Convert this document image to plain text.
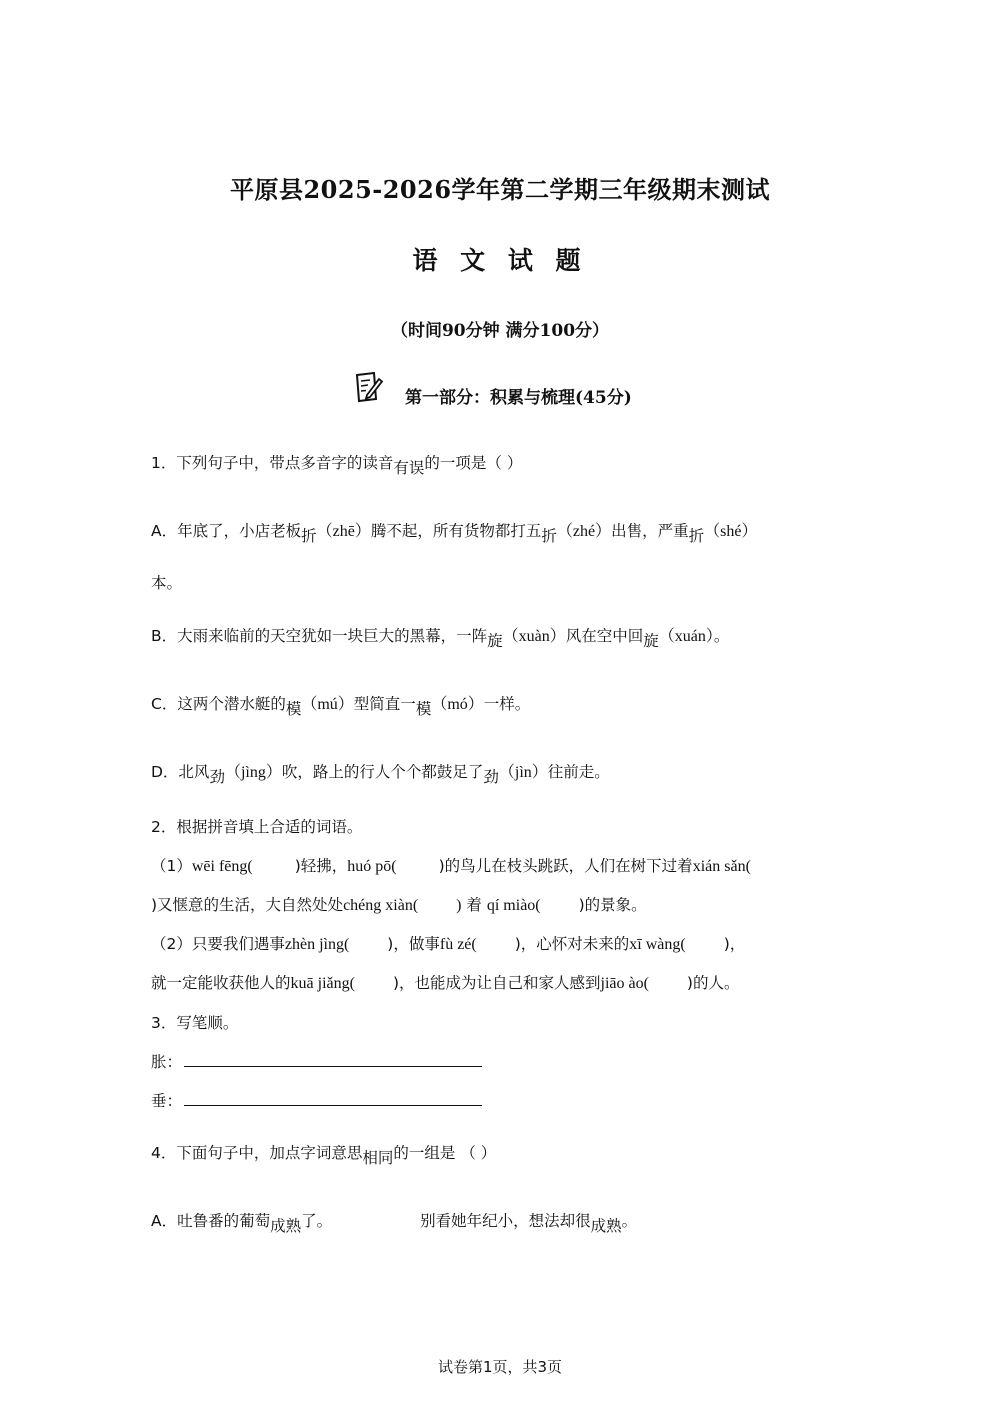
平原县2025-2026学年第二学期三年级期末测试
语 文 试 题
（时间90分钟 满分100分）
第一部分：积累与梳理(45分)
1．下列句子中，带点多音字的读音有误的一项是（ ）
A．年底了，小店老板折（zhē）腾不起，所有货物都打五折（zhé）出售，严重折（shé）
本。
B．大雨来临前的天空犹如一块巨大的黑幕，一阵旋（xuàn）风在空中回旋（xuán）。
C．这两个潜水艇的模（mú）型简直一模（mó）一样。
D．北风劲（jìng）吹，路上的行人个个都鼓足了劲（jìn）往前走。
2．根据拼音填上合适的词语。
（1）wēi fēng(	)轻拂，huó pō(	)的鸟儿在枝头跳跃，人们在树下过着xián sǎn(
)又惬意的生活，大自然处处chéng xiàn( ) 着 qí miào( )的景象。
（2）只要我们遇事zhèn jìng( )，做事fù zé( )，心怀对未来的xī wàng( )，
就一定能收获他人的kuā jiǎng( )，也能成为让自己和家人感到jiāo ào( )的人。
3．写笔顺。
胀：
垂：
4．下面句子中，加点字词意思相同的一组是 （ ）
A．吐鲁番的葡萄成熟了。	别看她年纪小，想法却很成熟。
试卷第1页，共3页
